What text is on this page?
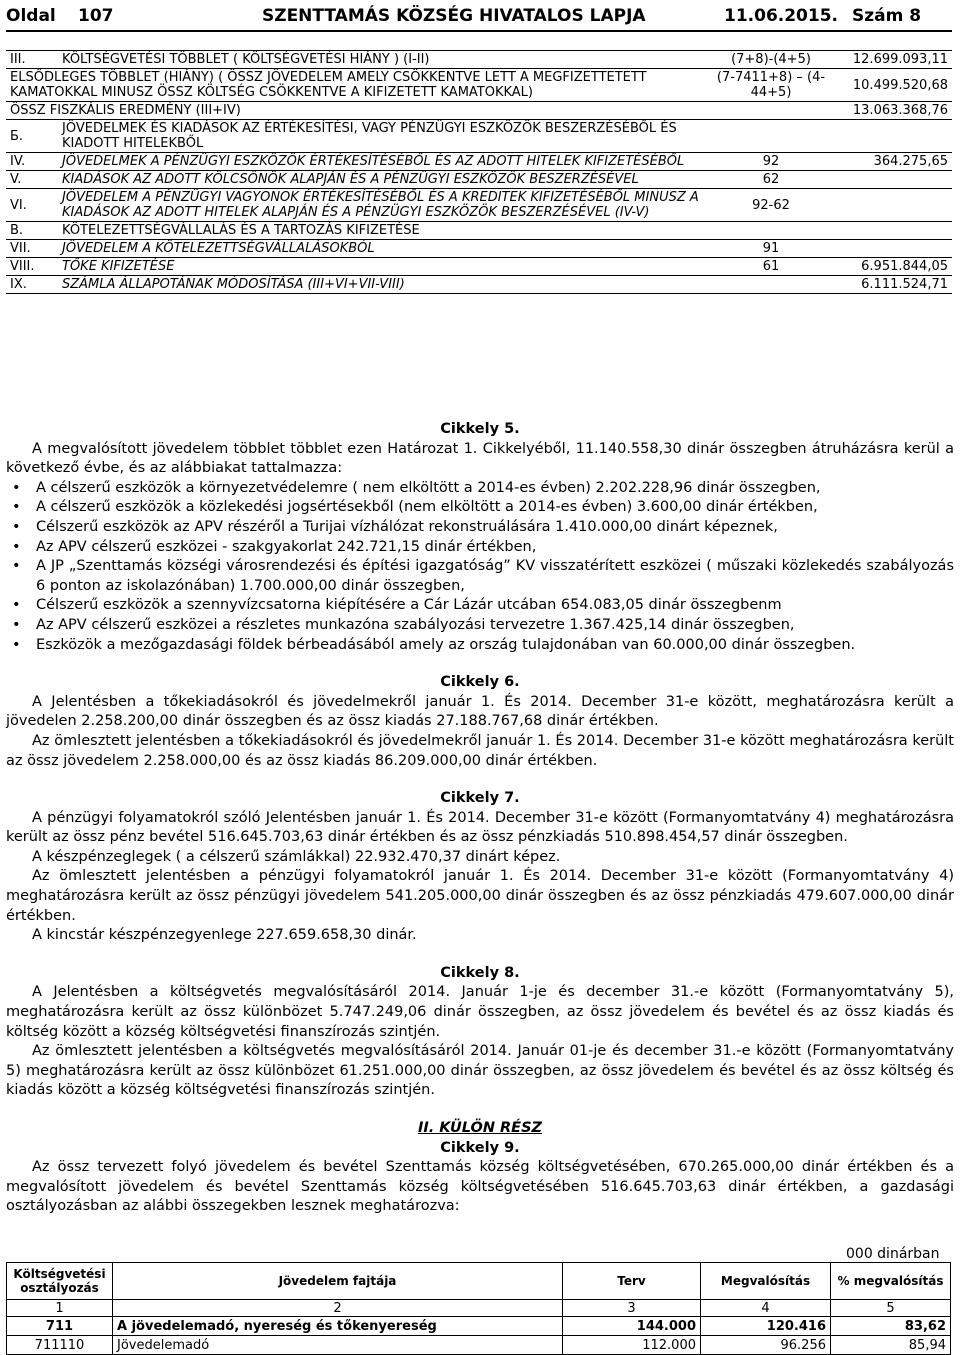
Oldal 107	SZENTTAMÁS KÖZSÉG HIVATALOS LAPJA	11.06.2015. Szám 8
III.	KÖLTSÉGVETÉSI TÖBBLET ( KÖLTSÉGVETÉSI HIÁNY ) (I-II)	(7+8)-(4+5)	12.699.093,11
ELSŐDLEGES TÖBBLET (HIÁNY) ( ÖSSZ JÖVEDELEM AMELY CSÖKKENTVE LETT A MEGFIZETTETETT KAMATOKKAL MINUSZ ÖSSZ KÖLTSÉG CSÖKKENTVE A KIFIZETETT KAMATOKKAL)		(7-7411+8) – (4-44+5)	10.499.520,68
ÖSSZ FISZKÁLIS EREDMÉNY (III+IV)			13.063.368,76
Б.	JÖVEDELMEK ÉS KIADÁSOK AZ ÉRTÉKESÍTÉSI, VAGY PÉNZÜGYI ESZKÖZÖK BESZERZÉSÉBŐL ÉS KIADOTT HITELEKBŐL		
IV.	JÖVEDELMEK A PÉNZÜGYI ESZKÖZÖK ÉRTÉKESÍTÉSÉBŐL ÉS AZ ADOTT HITELEK KIFIZETÉSÉBŐL	92	364.275,65
V.	KIADÁSOK AZ ADOTT KÖLCSÖNÖK ALAPJÁN ÉS A PÉNZÜGYI ESZKÖZÖK BESZERZÉSÉVEL	62	
VI.	JÖVEDELEM A PÉNZÜGYI VAGYONOK ÉRTÉKESÍTÉSÉBŐL ÉS A KREDITEK KIFIZETÉSÉBŐL MINUSZ A KIADÁSOK AZ ADOTT HITELEK ALAPJÁN ÉS A PÉNZÜGYI ESZKÖZÖK BESZERZÉSÉVEL (IV-V)	92-62	
В.	KÖTELEZETTSÉGVÁLLALÁS ÉS A TARTOZÁS KIFIZETÉSE		
VII.	JÖVEDELEM A KÖTELEZETTSÉGVÁLLALÁSOKBÓL	91	
VIII.	TŐKE KIFIZETÉSE	61	6.951.844,05
IX.	SZÁMLA ÁLLAPOTÁNAK MÓDOSÍTÁSA (III+VI+VII-VIII)		6.111.524,71

Cikkely 5.

A megvalósított jövedelem többlet többlet ezen Határozat 1. Cikkelyéből, 11.140.558,30 dinár összegben átruházásra kerül a következő évbe, és az alábbiakat tattalmazza:

• A célszerű eszközök a környezetvédelemre ( nem elköltött a 2014-es évben) 2.202.228,96 dinár összegben,
• A célszerű eszközök a közlekedési jogsértésekből (nem elköltött a 2014-es évben) 3.600,00 dinár értékben,
• Célszerű eszközök az APV részéről a Turijai vízhálózat rekonstruálására 1.410.000,00 dinárt képeznek,
• Az APV célszerű eszközei - szakgyakorlat 242.721,15 dinár értékben,
• A JP „Szenttamás községi városrendezési és építési igazgatóság” KV visszatérített eszközei ( műszaki közlekedés szabályozás 6 ponton az iskolazónában) 1.700.000,00 dinár összegben,
• Célszerű eszközök a szennyvízcsatorna kiépítésére a Cár Lázár utcában 654.083,05 dinár összegbenm
• Az APV célszerű eszközei a részletes munkazóna szabályozási tervezetre 1.367.425,14 dinár összegben,
• Eszközök a mezőgazdasági földek bérbeadásából amely az ország tulajdonában van 60.000,00 dinár összegben.

Cikkely 6.

A Jelentésben a tőkekiadásokról és jövedelmekről január 1. És 2014. December 31-e között, meghatározásra került a jövedelen 2.258.200,00 dinár összegben és az össz kiadás 27.188.767,68 dinár értékben.

Az ömlesztett jelentésben a tőkekiadásokról és jövedelmekről január 1. És 2014. December 31-e között meghatározásra került az össz jövedelem 2.258.000,00 és az össz kiadás 86.209.000,00 dinár értékben.

Cikkely 7.

A pénzügyi folyamatokról szóló Jelentésben január 1. És 2014. December 31-e között (Formanyomtatvány 4) meghatározásra került az össz pénz bevétel 516.645.703,63 dinár értékben és az össz pénzkiadás 510.898.454,57 dinár összegben.

A készpénzeglegek ( a célszerű számlákkal) 22.932.470,37 dinárt képez.

Az ömlesztett jelentésben a pénzügyi folyamatokról január 1. És 2014. December 31-e között (Formanyomtatvány 4) meghatározásra került az össz pénzügyi jövedelem 541.205.000,00 dinár összegben és az össz pénzkiadás 479.607.000,00 dinár értékben.

A kincstár készpénzegyenlege 227.659.658,30 dinár.

Cikkely 8.

A Jelentésben a költségvetés megvalósításáról 2014. Január 1-je és december 31.-e között (Formanyomtatvány 5), meghatározásra került az össz különbözet 5.747.249,06 dinár összegben, az össz jövedelem és bevétel és az össz kiadás és költség között a község költségvetési finanszírozás szintjén.

Az ömlesztett jelentésben a költségvetés megvalósításáról 2014. Január 01-je és december 31.-e között (Formanyomtatvány 5) meghatározásra került az össz különbözet 61.251.000,00 dinár összegben, az össz jövedelem és bevétel és az össz költség és kiadás között a község költségvetési finanszírozás szintjén.

II. KÜLÖN RÉSZ

Cikkely 9.

Az össz tervezett folyó jövedelem és bevétel Szenttamás község költségvetésében, 670.265.000,00 dinár értékben és a megvalósított jövedelem és bevétel Szenttamás község költségvetésében 516.645.703,63 dinár értékben, a gazdasági osztályozásban az alábbi összegekben lesznek meghatározva:

000 dinárban
Költségvetési osztályozás	Jövedelem fajtája	Terv	Megvalósítás	% megvalósítás
1	2	3	4	5
711	A jövedelemadó, nyereség és tőkenyereség	144.000	120.416	83,62
711110	Jövedelemadó	112.000	96.256	85,94
